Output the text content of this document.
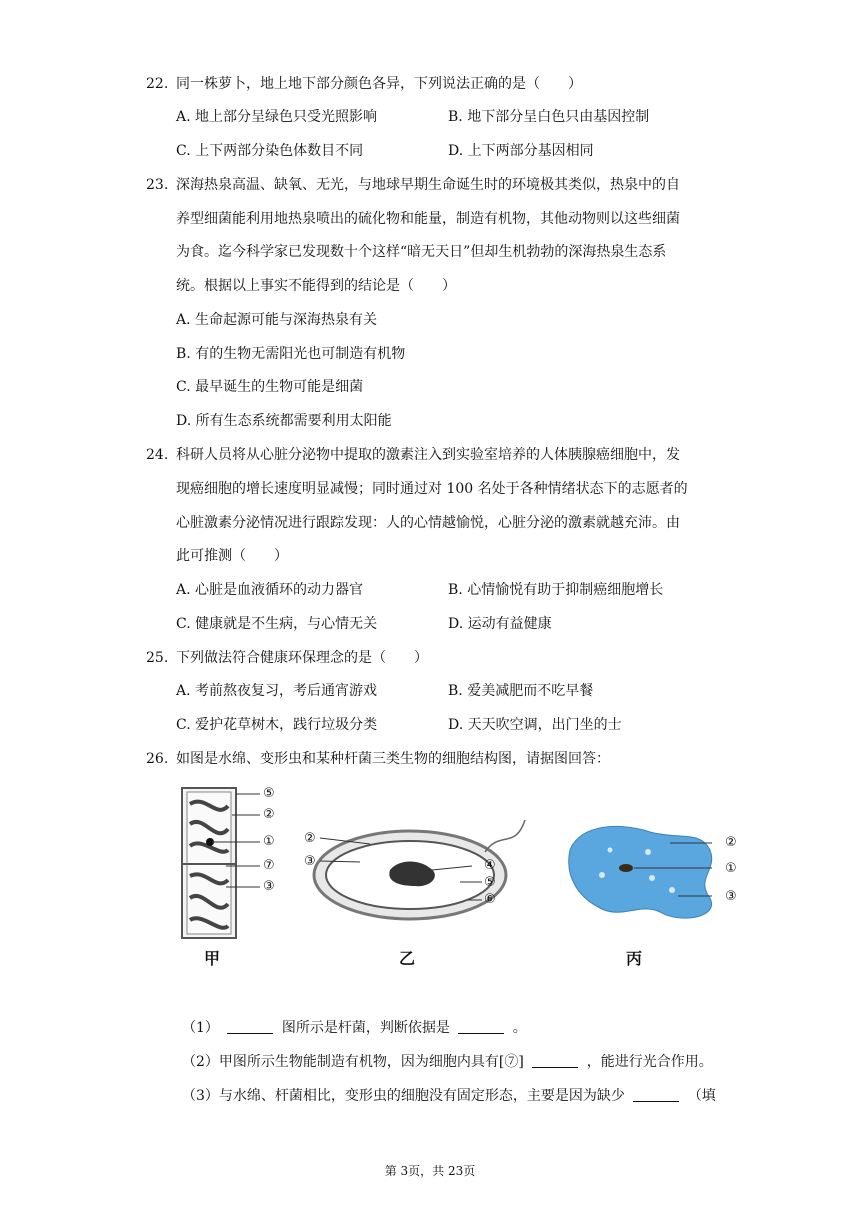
22. 同一株萝卜，地上地下部分颜色各异，下列说法正确的是（　　）
A. 地上部分呈绿色只受光照影响	B. 地下部分呈白色只由基因控制
C. 上下两部分染色体数目不同	D. 上下两部分基因相同
23. 深海热泉高温、缺氧、无光，与地球早期生命诞生时的环境极其类似，热泉中的自
养型细菌能利用地热泉喷出的硫化物和能量，制造有机物，其他动物则以这些细菌
为食。迄今科学家已发现数十个这样“暗无天日”但却生机勃勃的深海热泉生态系
统。根据以上事实不能得到的结论是（　　）
A. 生命起源可能与深海热泉有关
B. 有的生物无需阳光也可制造有机物
C. 最早诞生的生物可能是细菌
D. 所有生态系统都需要利用太阳能
24. 科研人员将从心脏分泌物中提取的激素注入到实验室培养的人体胰腺癌细胞中，发
现癌细胞的增长速度明显减慢；同时通过对 100 名处于各种情绪状态下的志愿者的
心脏激素分泌情况进行跟踪发现：人的心情越愉悦，心脏分泌的激素就越充沛。由
此可推测（　　）
A. 心脏是血液循环的动力器官	B. 心情愉悦有助于抑制癌细胞增长
C. 健康就是不生病，与心情无关	D. 运动有益健康
25. 下列做法符合健康环保理念的是（　　）
A. 考前熬夜复习，考后通宵游戏	B. 爱美减肥而不吃早餐
C. 爱护花草树木，践行垃圾分类	D. 天天吹空调，出门坐的士
26. 如图是水绵、变形虫和某种杆菌三类生物的细胞结构图，请据图回答：
⑤
②
①
⑦
③
甲
②
③	④
⑤
⑥
乙
②
①
③
丙
（1）	图所示是杆菌，判断依据是	。
（2）甲图所示生物能制造有机物，因为细胞内具有[⑦]	，能进行光合作用。
（3）与水绵、杆菌相比，变形虫的细胞没有固定形态，主要是因为缺少	（填
第 3页，共 23页
